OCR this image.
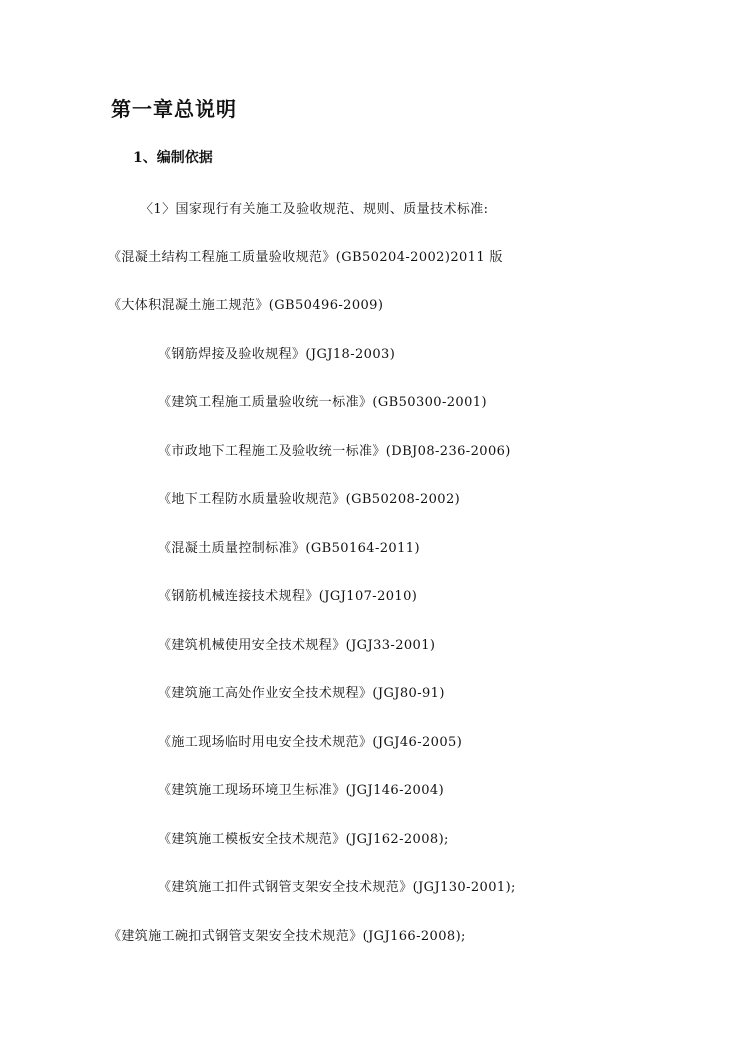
第一章总说明
1、编制依据
〈1〉国家现行有关施工及验收规范、规则、质量技术标准:
《混凝土结构工程施工质量验收规范》(GB50204-2002)2011 版
《大体积混凝土施工规范》(GB50496-2009)
《钢筋焊接及验收规程》(JGJ18-2003)
《建筑工程施工质量验收统一标准》(GB50300-2001)
《市政地下工程施工及验收统一标准》(DBJ08-236-2006)
《地下工程防水质量验收规范》(GB50208-2002)
《混凝土质量控制标准》(GB50164-2011)
《钢筋机械连接技术规程》(JGJ107-2010)
《建筑机械使用安全技术规程》(JGJ33-2001)
《建筑施工高处作业安全技术规程》(JGJ80-91)
《施工现场临时用电安全技术规范》(JGJ46-2005)
《建筑施工现场环境卫生标准》(JGJ146-2004)
《建筑施工模板安全技术规范》(JGJ162-2008);
《建筑施工扣件式钢管支架安全技术规范》(JGJ130-2001);
《建筑施工碗扣式钢管支架安全技术规范》(JGJ166-2008);
